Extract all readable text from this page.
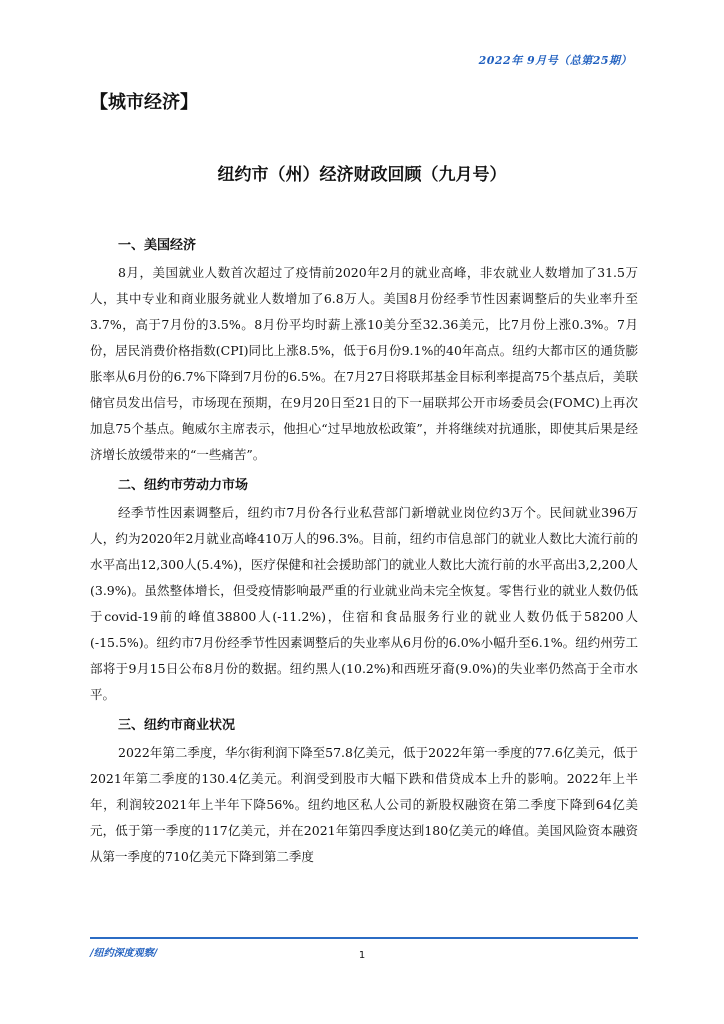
2022年 9月号（总第25期）
【城市经济】
纽约市（州）经济财政回顾（九月号）
一、美国经济
8月，美国就业人数首次超过了疫情前2020年2月的就业高峰，非农就业人数增加了31.5万人，其中专业和商业服务就业人数增加了6.8万人。美国8月份经季节性因素调整后的失业率升至3.7%，高于7月份的3.5%。8月份平均时薪上涨10美分至32.36美元，比7月份上涨0.3%。7月份，居民消费价格指数(CPI)同比上涨8.5%，低于6月份9.1%的40年高点。纽约大都市区的通货膨胀率从6月份的6.7%下降到7月份的6.5%。在7月27日将联邦基金目标利率提高75个基点后，美联储官员发出信号，市场现在预期，在9月20日至21日的下一届联邦公开市场委员会(FOMC)上再次加息75个基点。鲍威尔主席表示，他担心“过早地放松政策”，并将继续对抗通胀，即使其后果是经济增长放缓带来的“一些痛苦”。
二、纽约市劳动力市场
经季节性因素调整后，纽约市7月份各行业私营部门新增就业岗位约3万个。民间就业396万人，约为2020年2月就业高峰410万人的96.3%。目前，纽约市信息部门的就业人数比大流行前的水平高出12,300人(5.4%)，医疗保健和社会援助部门的就业人数比大流行前的水平高出3,2,200人(3.9%)。虽然整体增长，但受疫情影响最严重的行业就业尚未完全恢复。零售行业的就业人数仍低于covid-19前的峰值38800人(-11.2%)，住宿和食品服务行业的就业人数仍低于58200人(-15.5%)。纽约市7月份经季节性因素调整后的失业率从6月份的6.0%小幅升至6.1%。纽约州劳工部将于9月15日公布8月份的数据。纽约黑人(10.2%)和西班牙裔(9.0%)的失业率仍然高于全市水平。
三、纽约市商业状况
2022年第二季度，华尔街利润下降至57.8亿美元，低于2022年第一季度的77.6亿美元，低于2021年第二季度的130.4亿美元。利润受到股市大幅下跌和借贷成本上升的影响。2022年上半年，利润较2021年上半年下降56%。纽约地区私人公司的新股权融资在第二季度下降到64亿美元，低于第一季度的117亿美元，并在2021年第四季度达到180亿美元的峰值。美国风险资本融资从第一季度的710亿美元下降到第二季度
/纽约深度观察/	1
